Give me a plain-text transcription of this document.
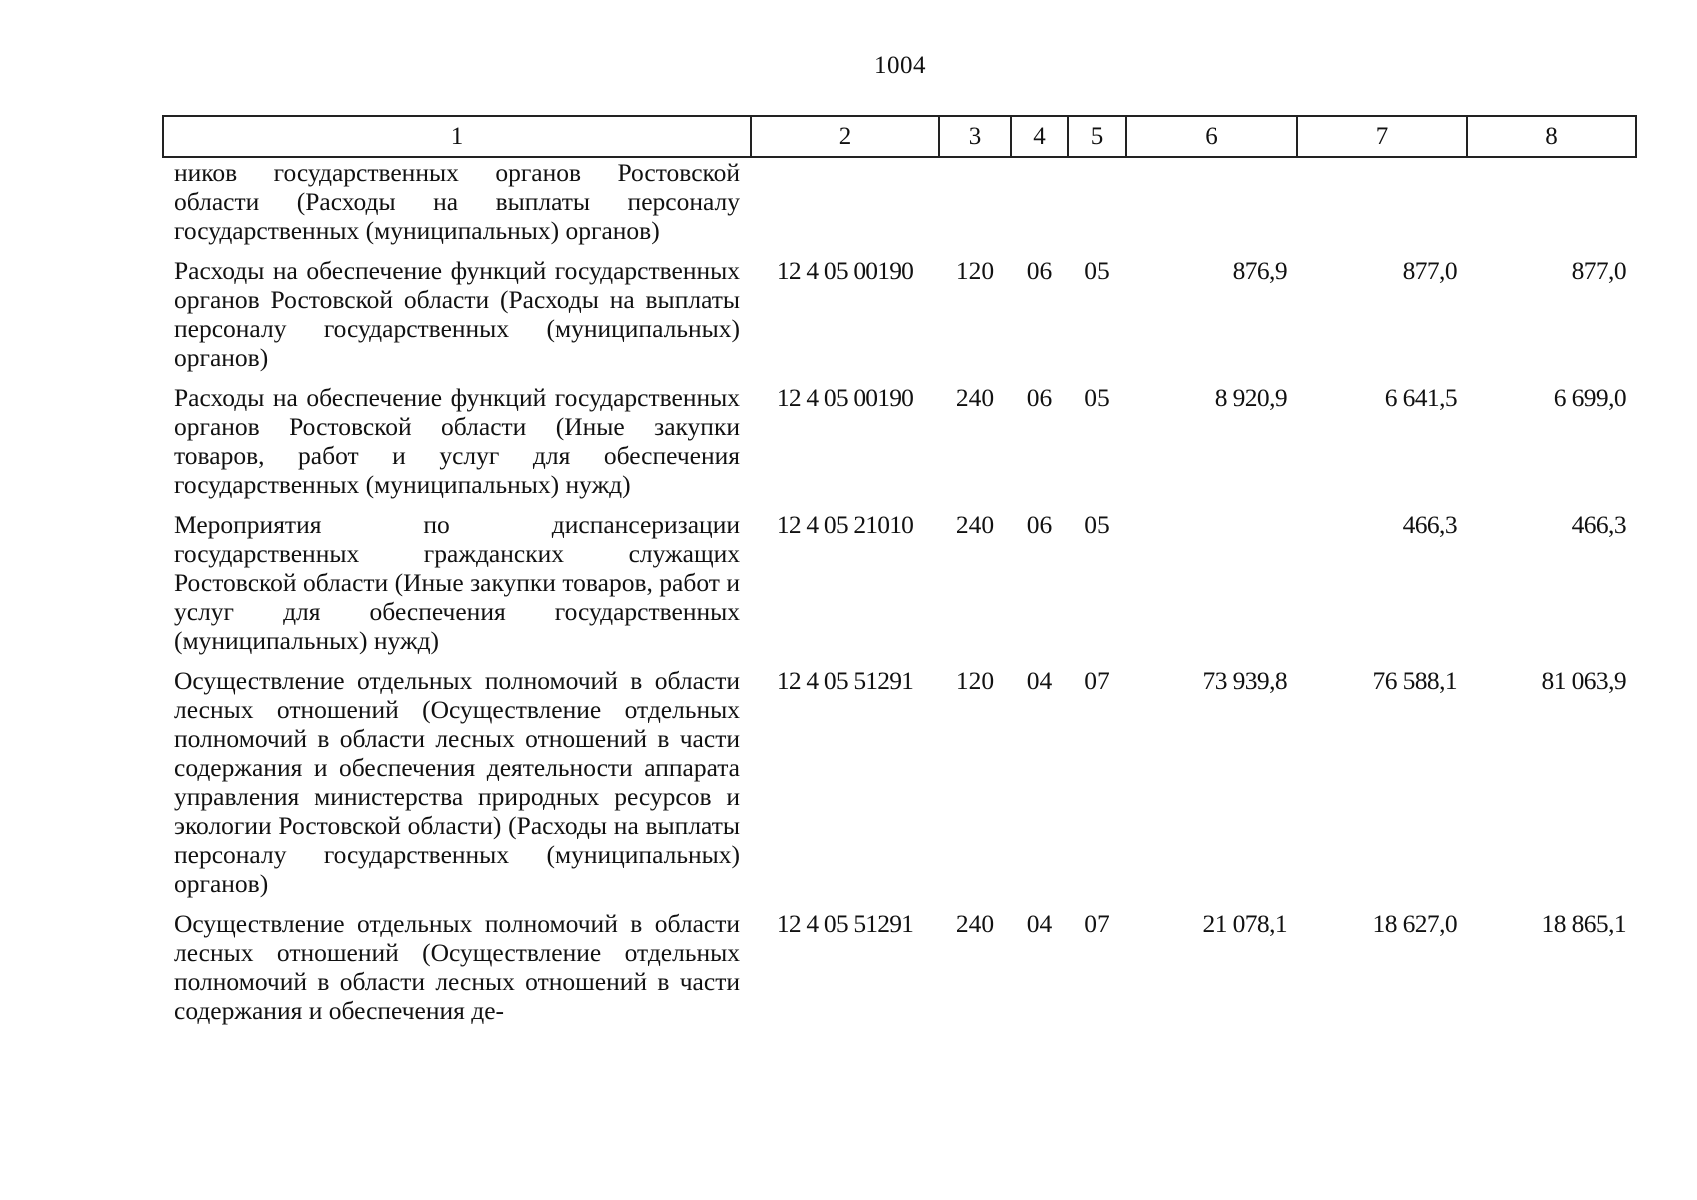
1004
1	2	3	4	5	6	7	8
ников государственных органов Ростовской области (Расходы на выплаты персоналу государственных (муниципальных) органов)							
Расходы на обеспечение функций государственных органов Ростовской области (Расходы на выплаты персоналу государственных (муниципальных) органов)	12 4 05 00190	120	06	05	876,9	877,0	877,0
Расходы на обеспечение функций государственных органов Ростовской области (Иные закупки товаров, работ и услуг для обеспечения государственных (муниципальных) нужд)	12 4 05 00190	240	06	05	8 920,9	6 641,5	6 699,0
Мероприятия по диспансеризации государственных гражданских служащих Ростовской области (Иные закупки товаров, работ и услуг для обеспечения государственных (муниципальных) нужд)	12 4 05 21010	240	06	05		466,3	466,3
Осуществление отдельных полномочий в области лесных отношений (Осуществление отдельных полномочий в области лесных отношений в части содержания и обеспечения деятельности аппарата управления министерства природных ресурсов и экологии Ростовской области) (Расходы на выплаты персоналу государственных (муниципальных) органов)	12 4 05 51291	120	04	07	73 939,8	76 588,1	81 063,9
Осуществление отдельных полномочий в области лесных отношений (Осуществление отдельных полномочий в области лесных отношений в части содержания и обеспечения де-	12 4 05 51291	240	04	07	21 078,1	18 627,0	18 865,1
